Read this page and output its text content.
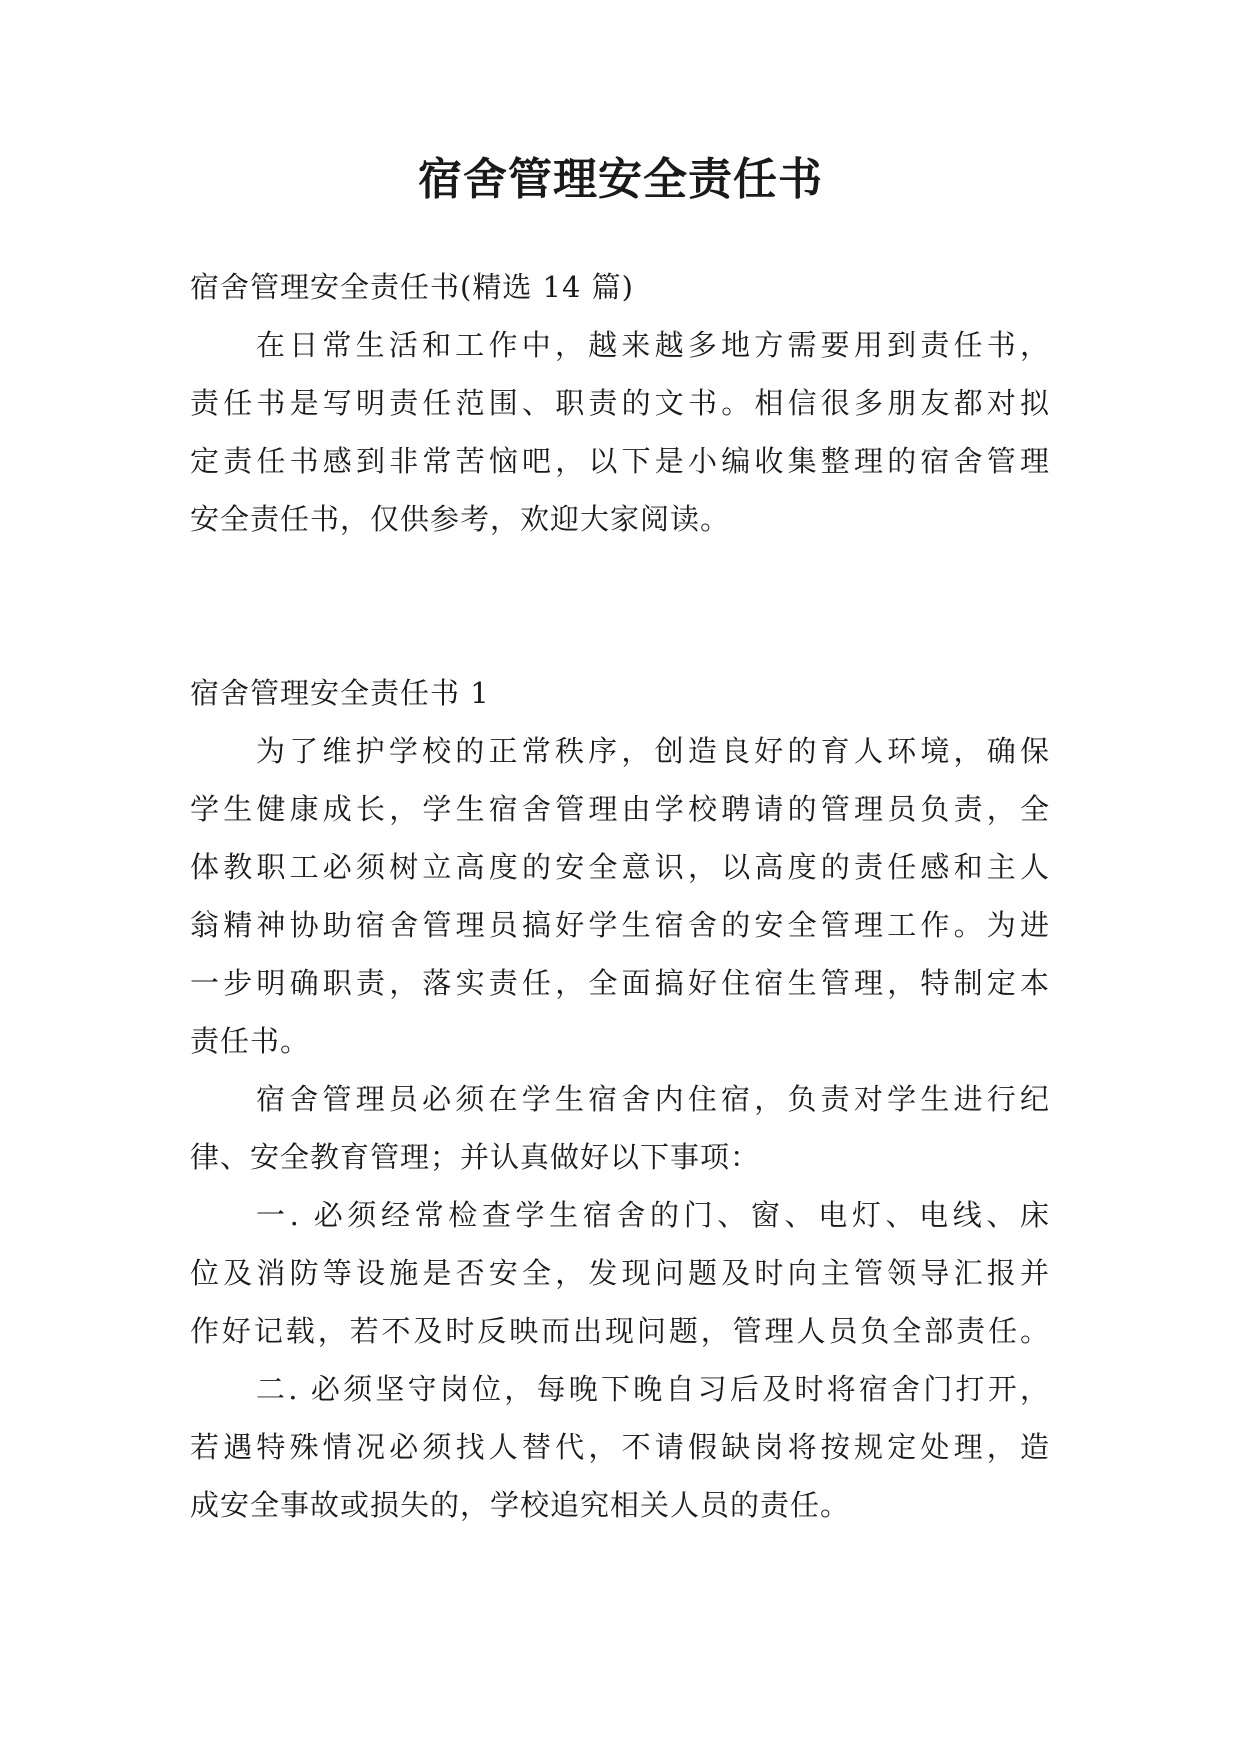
宿舍管理安全责任书
宿舍管理安全责任书(精选 14 篇)
在日常生活和工作中，越来越多地方需要用到责任书，
责任书是写明责任范围、职责的文书。相信很多朋友都对拟
定责任书感到非常苦恼吧，以下是小编收集整理的宿舍管理
安全责任书，仅供参考，欢迎大家阅读。
宿舍管理安全责任书 1
为了维护学校的正常秩序，创造良好的育人环境，确保
学生健康成长，学生宿舍管理由学校聘请的管理员负责，全
体教职工必须树立高度的安全意识，以高度的责任感和主人
翁精神协助宿舍管理员搞好学生宿舍的安全管理工作。为进
一步明确职责，落实责任，全面搞好住宿生管理，特制定本
责任书。
宿舍管理员必须在学生宿舍内住宿，负责对学生进行纪
律、安全教育管理；并认真做好以下事项：
一. 必须经常检查学生宿舍的门、窗、电灯、电线、床
位及消防等设施是否安全，发现问题及时向主管领导汇报并
作好记载，若不及时反映而出现问题，管理人员负全部责任。
二. 必须坚守岗位，每晚下晚自习后及时将宿舍门打开，
若遇特殊情况必须找人替代，不请假缺岗将按规定处理，造
成安全事故或损失的，学校追究相关人员的责任。
